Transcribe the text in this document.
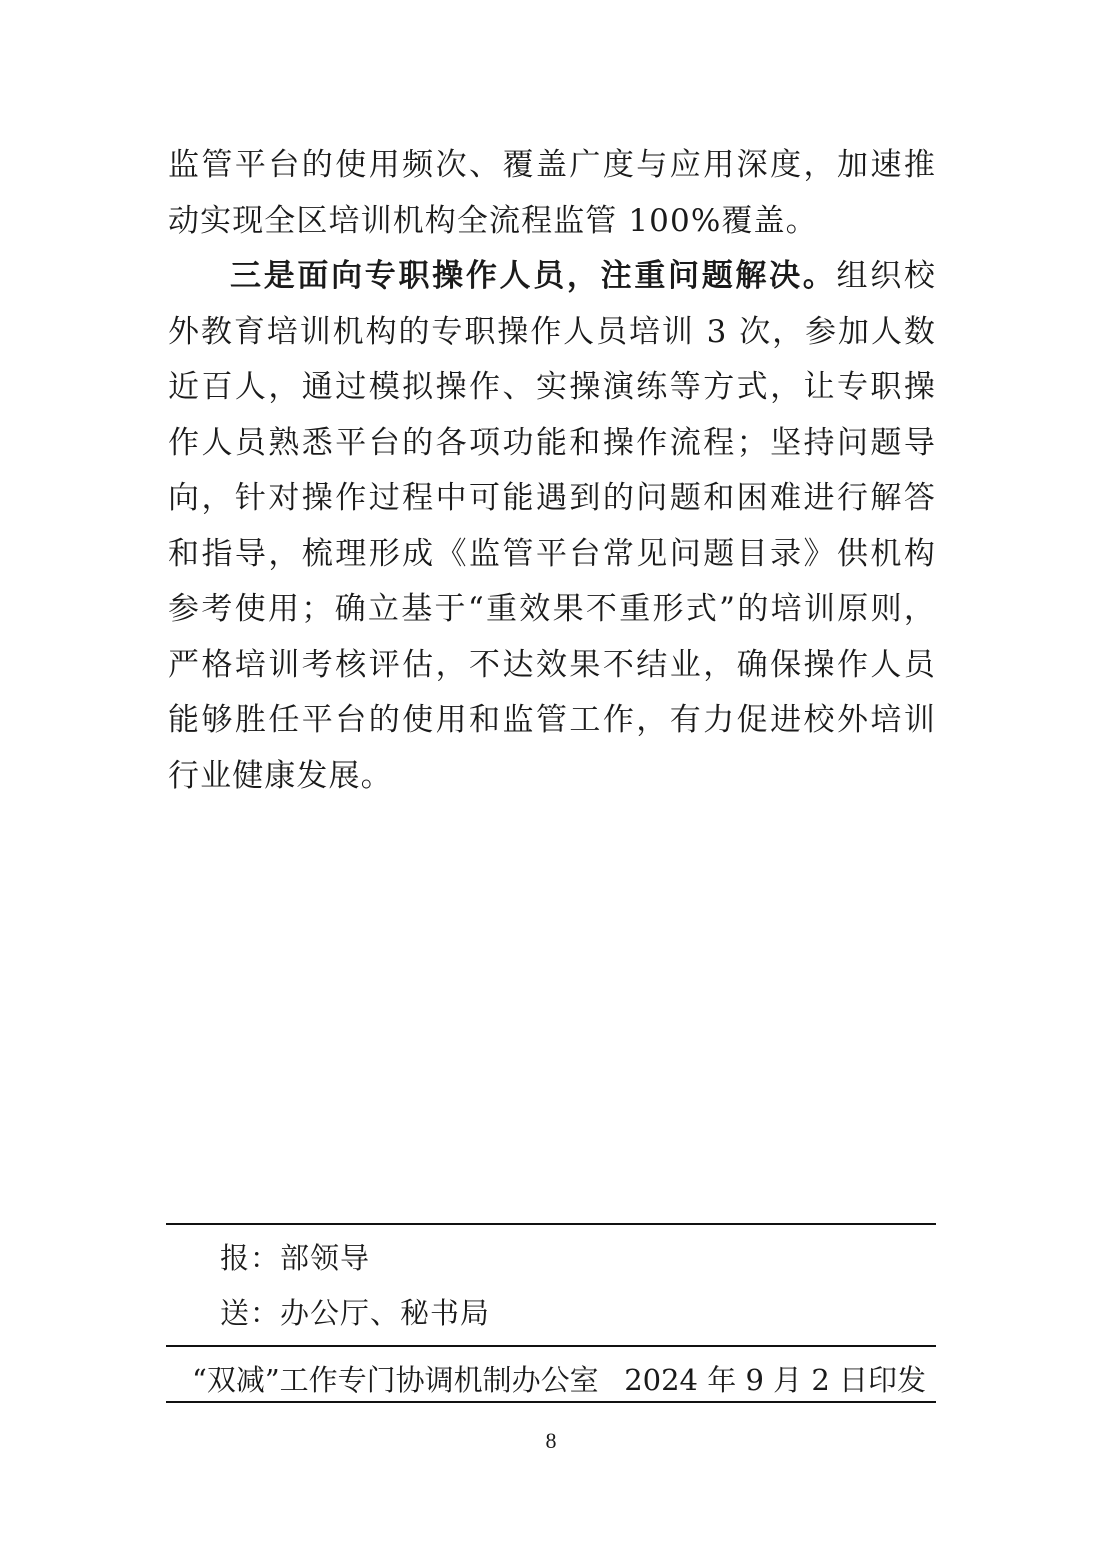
监管平台的使用频次、覆盖广度与应用深度，加速推动实现全区培训机构全流程监管 100%覆盖。

三是面向专职操作人员，注重问题解决。组织校外教育培训机构的专职操作人员培训 3 次，参加人数近百人，通过模拟操作、实操演练等方式，让专职操作人员熟悉平台的各项功能和操作流程；坚持问题导向，针对操作过程中可能遇到的问题和困难进行解答和指导，梳理形成《监管平台常见问题目录》供机构参考使用；确立基于“重效果不重形式”的培训原则，严格培训考核评估，不达效果不结业，确保操作人员能够胜任平台的使用和监管工作，有力促进校外培训行业健康发展。

报：部领导
送：办公厅、秘书局
“双减”工作专门协调机制办公室 2024 年 9 月 2 日印发
8
